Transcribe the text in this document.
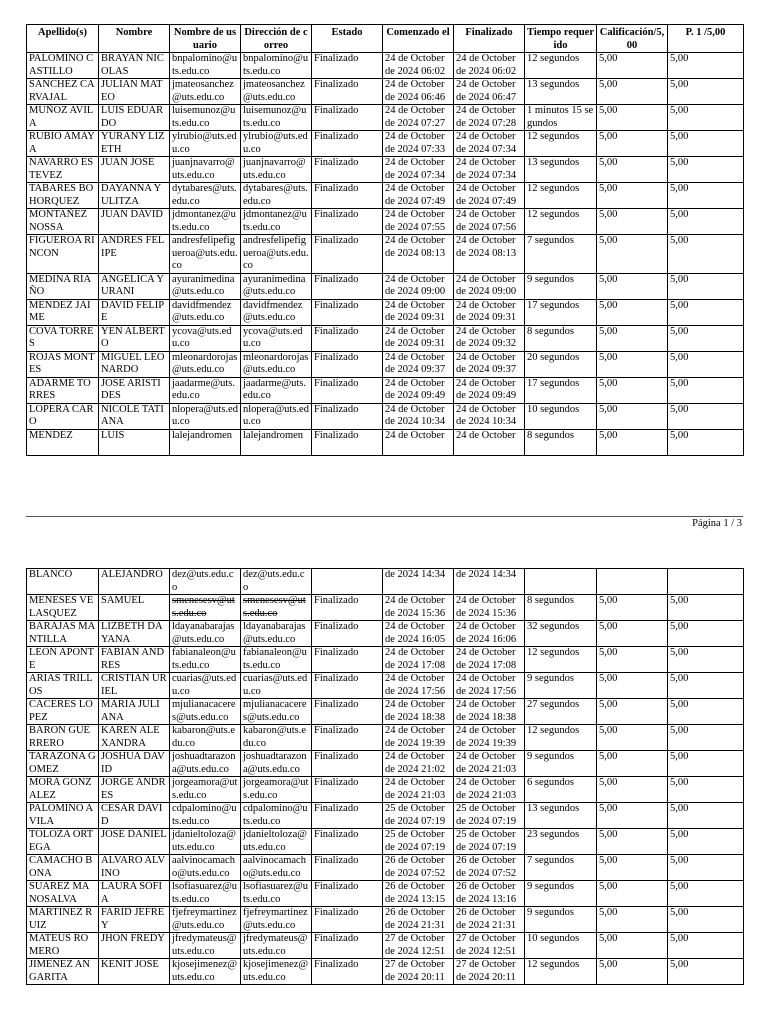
Apellido(s)	Nombre	Nombre de usuario	Dirección de correo	Estado	Comenzado el	Finalizado	Tiempo requerido	Calificación/5,00	P. 1 /5,00
PALOMINO CASTILLO	BRAYAN NICOLAS	bnpalomino@uts.edu.co	bnpalomino@uts.edu.co	Finalizado	24 de October de 2024 06:02	24 de October de 2024 06:02	12 segundos	5,00	5,00
SANCHEZ CARVAJAL	JULIAN MATEO	jmateosanchez@uts.edu.co	jmateosanchez@uts.edu.co	Finalizado	24 de October de 2024 06:46	24 de October de 2024 06:47	13 segundos	5,00	5,00
MUÑOZ AVILA	LUIS EDUARDO	luisemunoz@uts.edu.co	luisemunoz@uts.edu.co	Finalizado	24 de October de 2024 07:27	24 de October de 2024 07:28	1 minutos 15 segundos	5,00	5,00
RUBIO AMAYA	YURANY LIZETH	ylrubio@uts.edu.co	ylrubio@uts.edu.co	Finalizado	24 de October de 2024 07:33	24 de October de 2024 07:34	12 segundos	5,00	5,00
NAVARRO ESTEVEZ	JUAN JOSE	juanjnavarro@uts.edu.co	juanjnavarro@uts.edu.co	Finalizado	24 de October de 2024 07:34	24 de October de 2024 07:34	13 segundos	5,00	5,00
TABARES BOHORQUEZ	DAYANNA YULITZA	dytabares@uts.edu.co	dytabares@uts.edu.co	Finalizado	24 de October de 2024 07:49	24 de October de 2024 07:49	12 segundos	5,00	5,00
MONTAÑEZ NOSSA	JUAN DAVID	jdmontanez@uts.edu.co	jdmontanez@uts.edu.co	Finalizado	24 de October de 2024 07:55	24 de October de 2024 07:56	12 segundos	5,00	5,00
FIGUEROA RINCON	ANDRES FELIPE	andresfelipefigueroa@uts.edu.co	andresfelipefigueroa@uts.edu.co	Finalizado	24 de October de 2024 08:13	24 de October de 2024 08:13	7 segundos	5,00	5,00
MEDINA RIAÑO	ANGÉLICA YURANI	ayuranimedina@uts.edu.co	ayuranimedina@uts.edu.co	Finalizado	24 de October de 2024 09:00	24 de October de 2024 09:00	9 segundos	5,00	5,00
MENDEZ JAIME	DAVID FELIPE	davidfmendez@uts.edu.co	davidfmendez@uts.edu.co	Finalizado	24 de October de 2024 09:31	24 de October de 2024 09:31	17 segundos	5,00	5,00
COVA TORRES	YEN ALBERTO	ycova@uts.edu.co	ycova@uts.edu.co	Finalizado	24 de October de 2024 09:31	24 de October de 2024 09:32	8 segundos	5,00	5,00
ROJAS MONTES	MIGUEL LEONARDO	mleonardorojas@uts.edu.co	mleonardorojas@uts.edu.co	Finalizado	24 de October de 2024 09:37	24 de October de 2024 09:37	20 segundos	5,00	5,00
ADARME TORRES	JOSE ARISTIDES	jaadarme@uts.edu.co	jaadarme@uts.edu.co	Finalizado	24 de October de 2024 09:49	24 de October de 2024 09:49	17 segundos	5,00	5,00
LOPERA CARO	NICOLE TATIANA	nlopera@uts.edu.co	nlopera@uts.edu.co	Finalizado	24 de October de 2024 10:34	24 de October de 2024 10:34	10 segundos	5,00	5,00
MENDEZ	LUIS	lalejandromen	lalejandromen	Finalizado	24 de October	24 de October	8 segundos	5,00	5,00
Página 1 / 3
BLANCO	ALEJANDRO	dez@uts.edu.co	dez@uts.edu.co		de 2024 14:34	de 2024 14:34			
MENESES VELASQUEZ	SAMUEL	smenesesv@uts.edu.co	smenesesv@uts.edu.co	Finalizado	24 de October de 2024 15:36	24 de October de 2024 15:36	8 segundos	5,00	5,00
BARAJAS MANTILLA	LIZBETH DAYANA	ldayanabarajas@uts.edu.co	ldayanabarajas@uts.edu.co	Finalizado	24 de October de 2024 16:05	24 de October de 2024 16:06	32 segundos	5,00	5,00
LEON APONTE	FABIAN ANDRES	fabianaleon@uts.edu.co	fabianaleon@uts.edu.co	Finalizado	24 de October de 2024 17:08	24 de October de 2024 17:08	12 segundos	5,00	5,00
ARIAS TRILLOS	CRISTIAN URIEL	cuarias@uts.edu.co	cuarias@uts.edu.co	Finalizado	24 de October de 2024 17:56	24 de October de 2024 17:56	9 segundos	5,00	5,00
CACERES LOPEZ	MARIA JULIANA	mjulianacaceres@uts.edu.co	mjulianacaceres@uts.edu.co	Finalizado	24 de October de 2024 18:38	24 de October de 2024 18:38	27 segundos	5,00	5,00
BARON GUERRERO	KAREN ALEXANDRA	kabaron@uts.edu.co	kabaron@uts.edu.co	Finalizado	24 de October de 2024 19:39	24 de October de 2024 19:39	12 segundos	5,00	5,00
TARAZONA GOMEZ	JOSHUA DAVID	joshuadtarazona@uts.edu.co	joshuadtarazona@uts.edu.co	Finalizado	24 de October de 2024 21:02	24 de October de 2024 21:03	9 segundos	5,00	5,00
MORA GONZALEZ	JORGE ANDRES	jorgeamora@uts.edu.co	jorgeamora@uts.edu.co	Finalizado	24 de October de 2024 21:03	24 de October de 2024 21:03	6 segundos	5,00	5,00
PALOMINO AVILA	CESAR DAVID	cdpalomino@uts.edu.co	cdpalomino@uts.edu.co	Finalizado	25 de October de 2024 07:19	25 de October de 2024 07:19	13 segundos	5,00	5,00
TOLOZA ORTEGA	JOSE DANIEL	jdanieltoloza@uts.edu.co	jdanieltoloza@uts.edu.co	Finalizado	25 de October de 2024 07:19	25 de October de 2024 07:19	23 segundos	5,00	5,00
CAMACHO BONA	ALVARO ALVINO	aalvinocamacho@uts.edu.co	aalvinocamacho@uts.edu.co	Finalizado	26 de October de 2024 07:52	26 de October de 2024 07:52	7 segundos	5,00	5,00
SUAREZ MANOSALVA	LAURA SOFIA	lsofiasuarez@uts.edu.co	lsofiasuarez@uts.edu.co	Finalizado	26 de October de 2024 13:15	26 de October de 2024 13:16	9 segundos	5,00	5,00
MARTINEZ RUIZ	FARID JEFREY	fjefreymartinez@uts.edu.co	fjefreymartinez@uts.edu.co	Finalizado	26 de October de 2024 21:31	26 de October de 2024 21:31	9 segundos	5,00	5,00
MATEUS ROMERO	JHON FREDY	jfredymateus@uts.edu.co	jfredymateus@uts.edu.co	Finalizado	27 de October de 2024 12:51	27 de October de 2024 12:51	10 segundos	5,00	5,00
JIMENEZ ANGARITA	KENIT JOSE	kjosejimenez@uts.edu.co	kjosejimenez@uts.edu.co	Finalizado	27 de October de 2024 20:11	27 de October de 2024 20:11	12 segundos	5,00	5,00
